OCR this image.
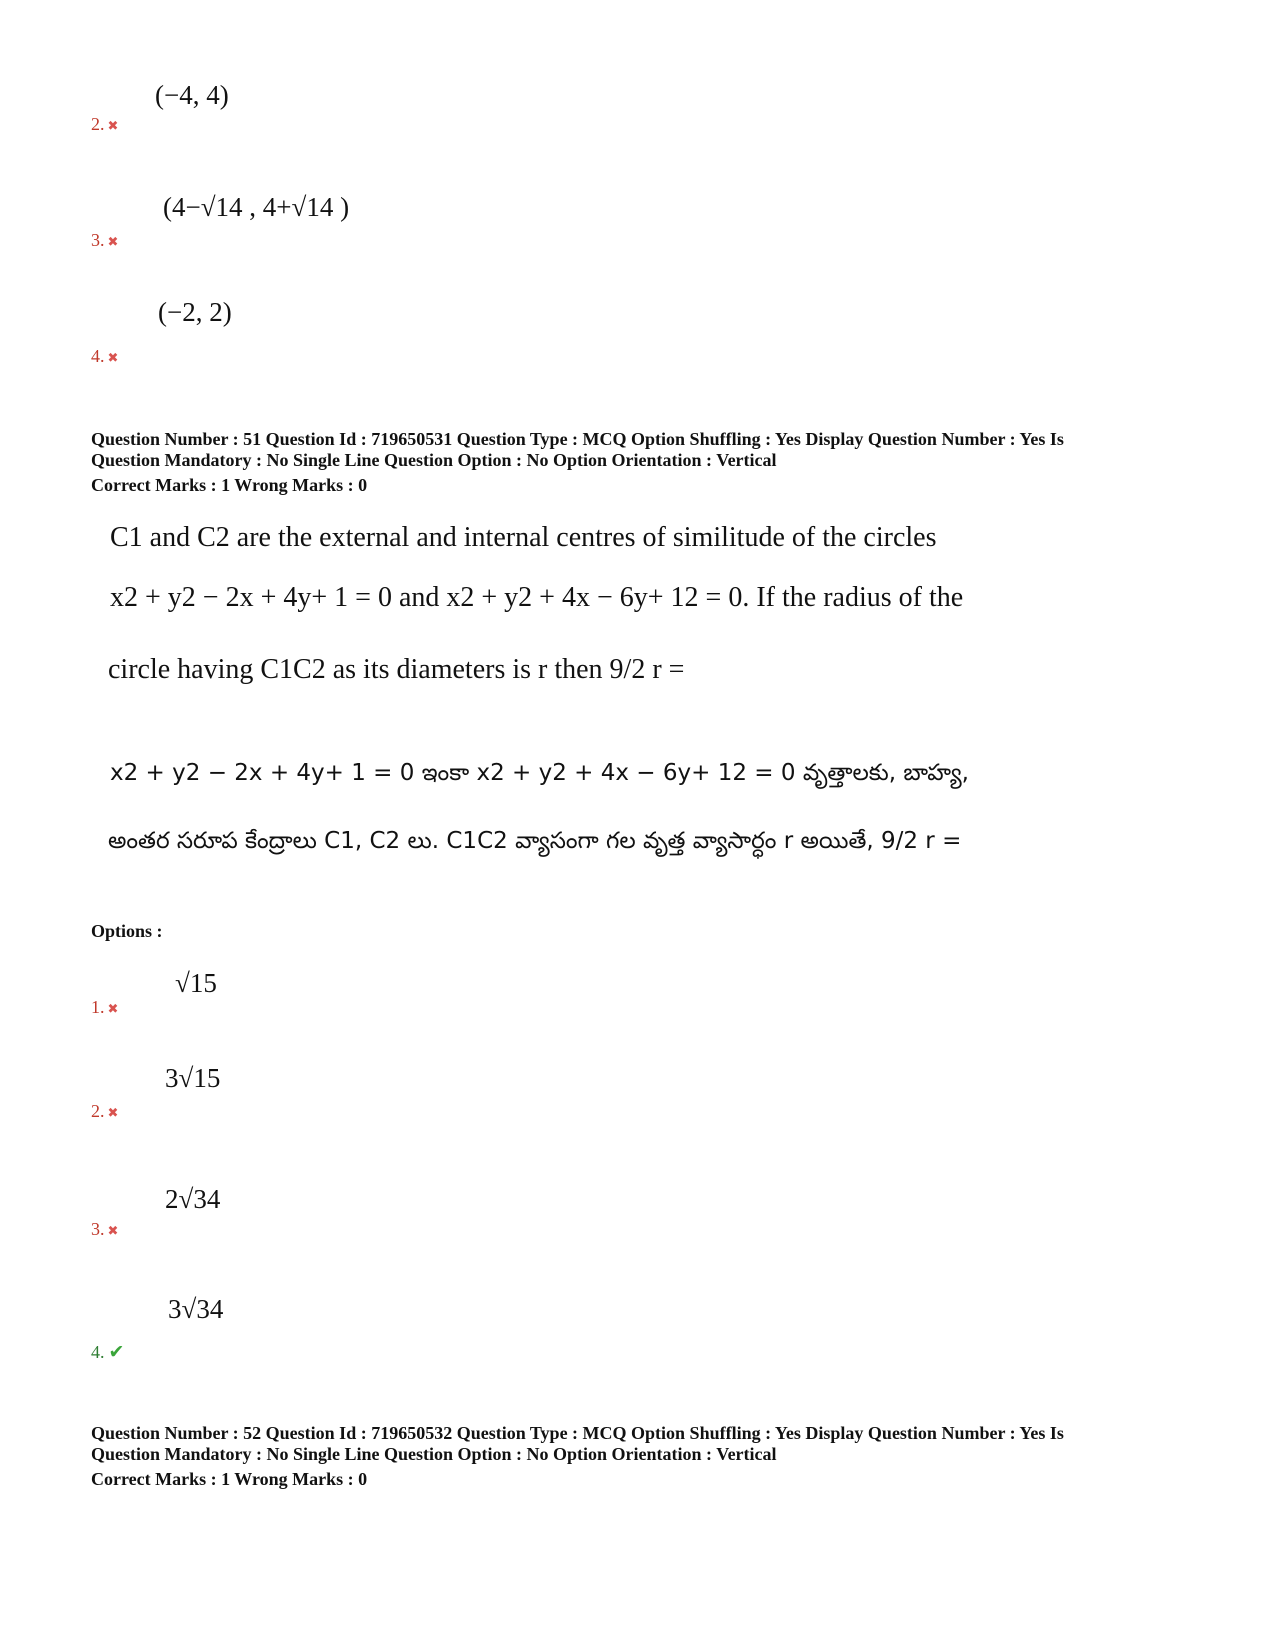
(−4, 4)
2. ✖
(4−√14 , 4+√14 )
3. ✖
(−2, 2)
4. ✖
Question Number : 51 Question Id : 719650531 Question Type : MCQ Option Shuffling : Yes Display Question Number : Yes Is
Question Mandatory : No Single Line Question Option : No Option Orientation : Vertical
Correct Marks : 1 Wrong Marks : 0
C1 and C2 are the external and internal centres of similitude of the circles
x2 + y2 − 2x + 4y+ 1 = 0 and x2 + y2 + 4x − 6y+ 12 = 0. If the radius of the
circle having C1C2 as its diameters is r then 9/2 r =
x2 + y2 − 2x + 4y+ 1 = 0 ఇంకా x2 + y2 + 4x − 6y+ 12 = 0 వృత్తాలకు, బాహ్య,
అంతర సరూప కేంద్రాలు C1, C2 లు. C1C2 వ్యాసంగా గల వృత్త వ్యాసార్ధం r అయితే, 9/2 r =
Options :
√15
1. ✖
3√15
2. ✖
2√34
3. ✖
3√34
4. ✔
Question Number : 52 Question Id : 719650532 Question Type : MCQ Option Shuffling : Yes Display Question Number : Yes Is
Question Mandatory : No Single Line Question Option : No Option Orientation : Vertical
Correct Marks : 1 Wrong Marks : 0
